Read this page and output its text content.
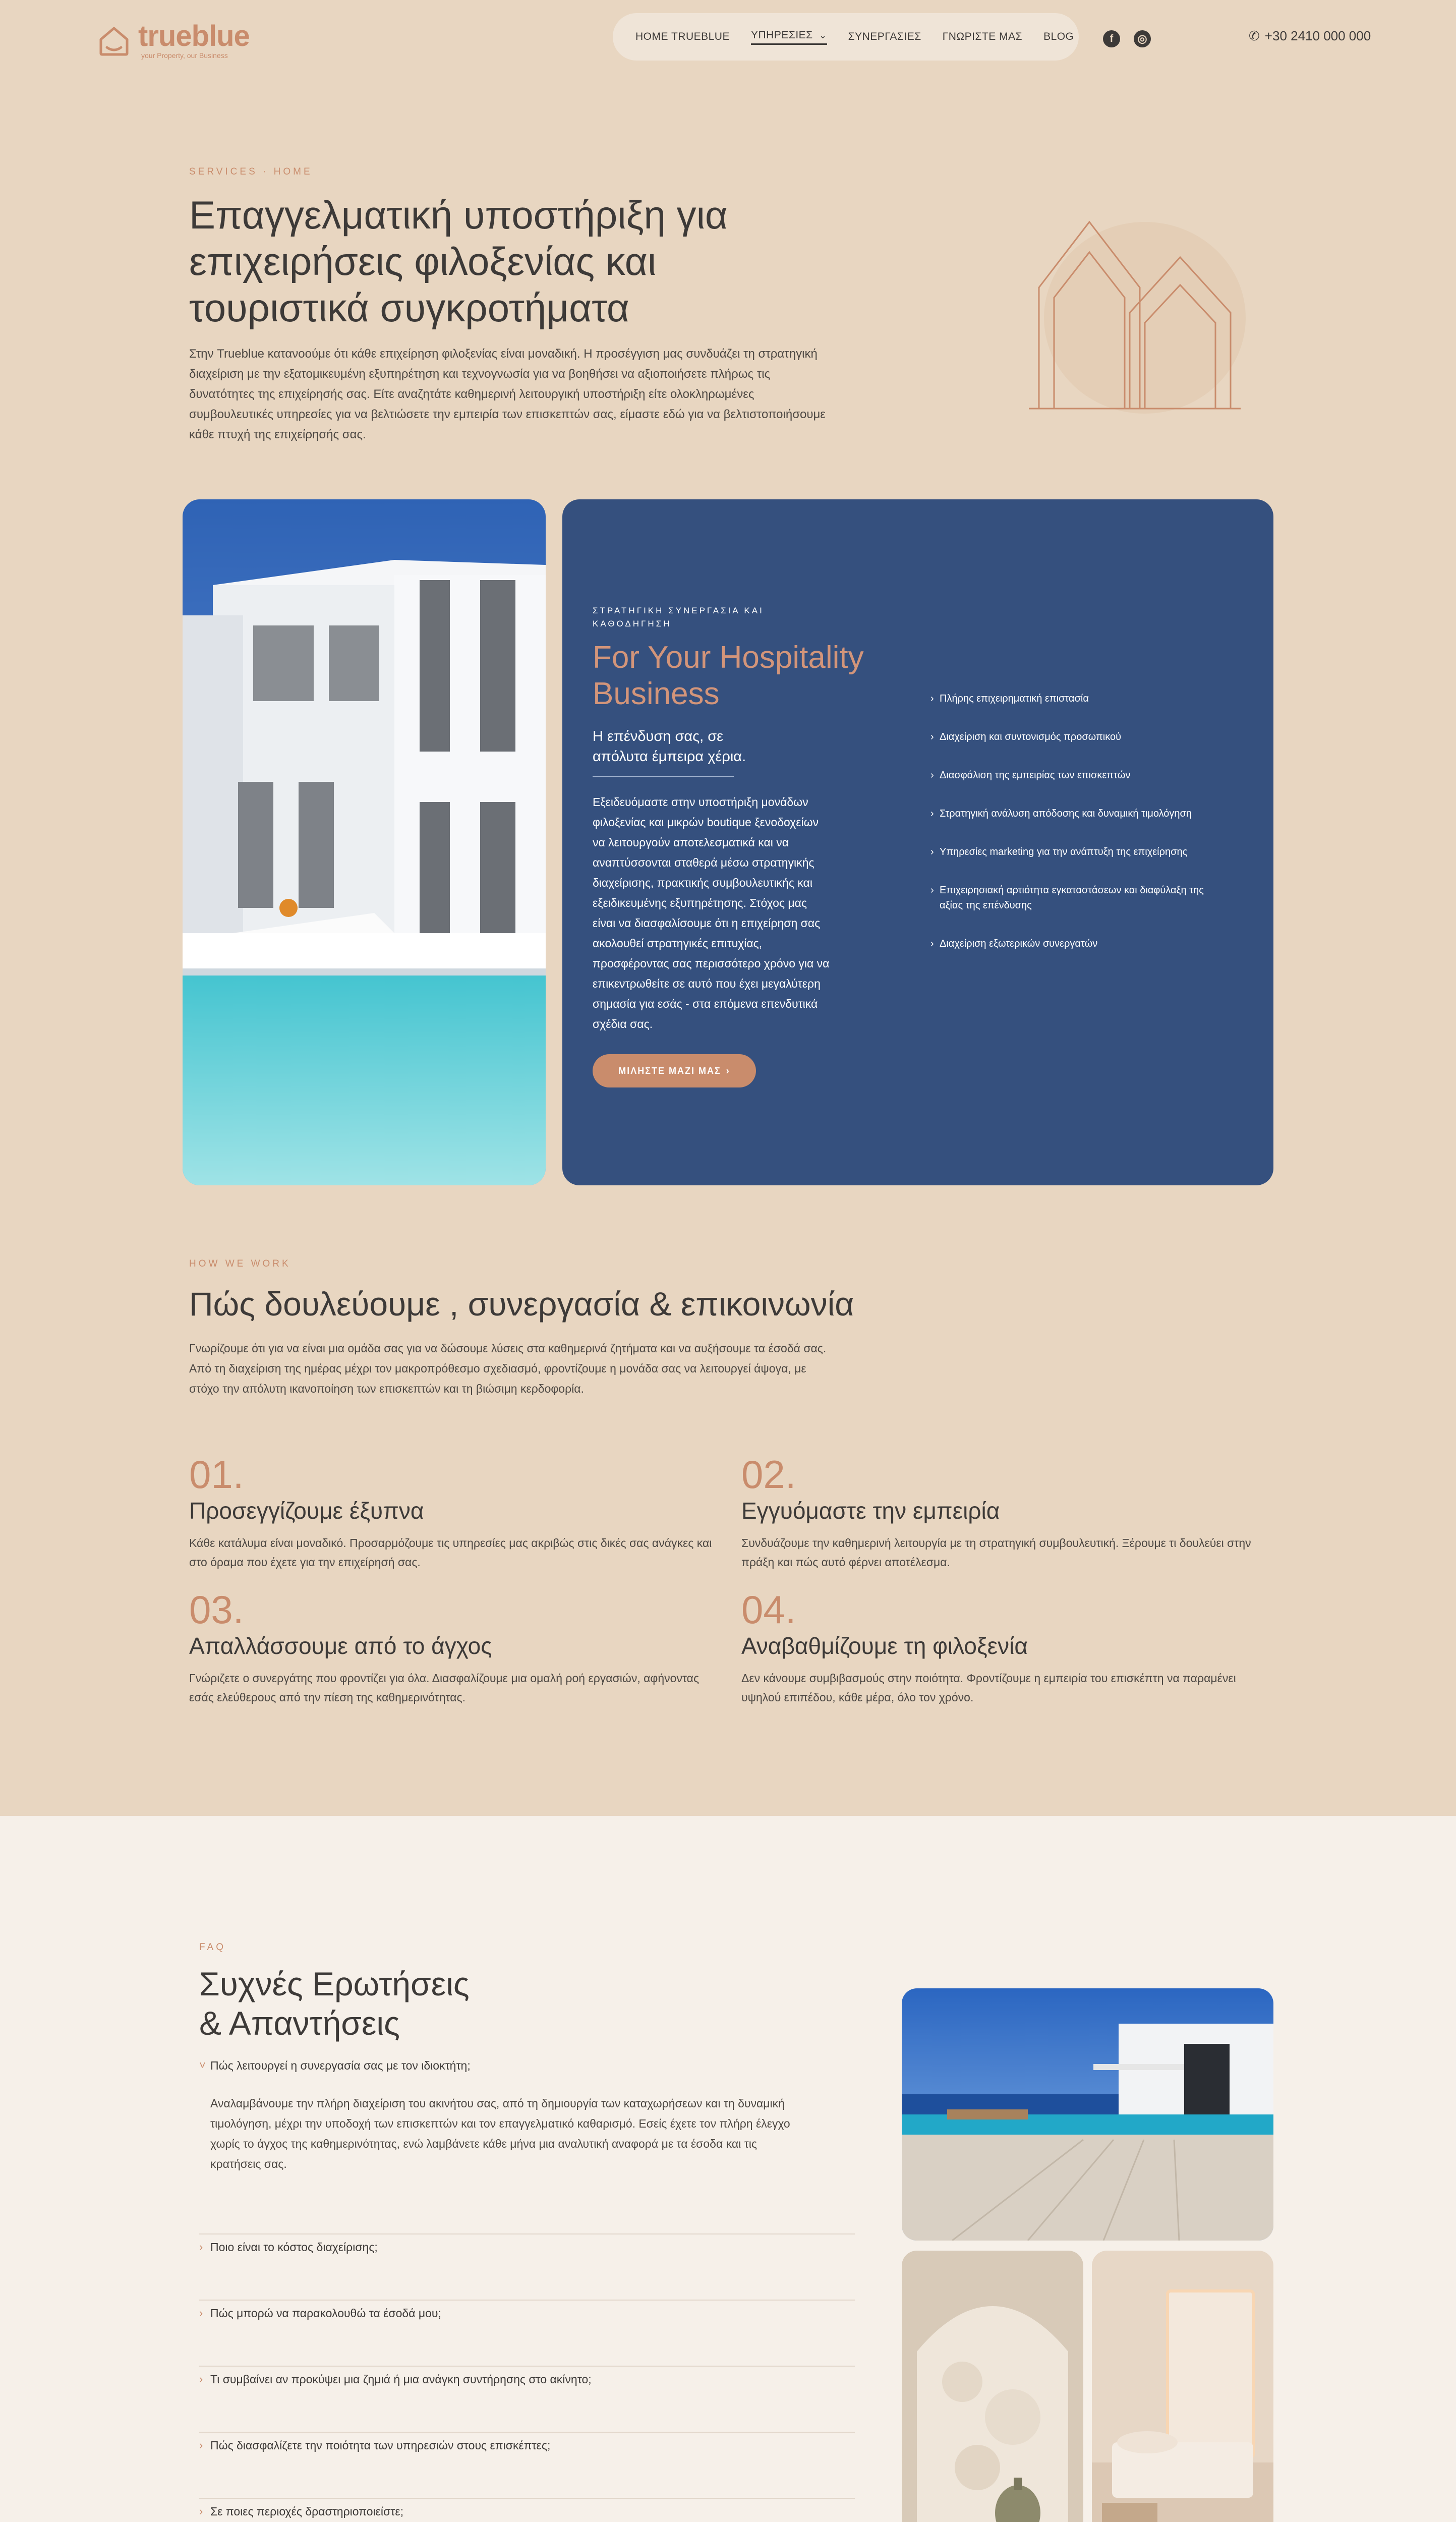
trueblue
your Property, our Business
HOME TRUEBLUE ΥΠΗΡΕΣΙΕΣ ⌄ ΣΥΝΕΡΓΑΣΙΕΣ ΓΝΩΡΙΣΤΕ ΜΑΣ BLOG	f	◎	✆ +30 2410 000 000
SERVICES · HOME
Επαγγελματική υποστήριξη για επιχειρήσεις φιλοξενίας και τουριστικά συγκροτήματα

Στην Trueblue κατανοούμε ότι κάθε επιχείρηση φιλοξενίας είναι μοναδική. Η προσέγγιση μας συνδυάζει τη στρατηγική διαχείριση με την εξατομικευμένη εξυπηρέτηση και τεχνογνωσία για να βοηθήσει να αξιοποιήσετε πλήρως τις δυνατότητες της επιχείρησής σας. Είτε αναζητάτε καθημερινή λειτουργική υποστήριξη είτε ολοκληρωμένες συμβουλευτικές υπηρεσίες για να βελτιώσετε την εμπειρία των επισκεπτών σας, είμαστε εδώ για να βελτιστοποιήσουμε κάθε πτυχή της επιχείρησής σας.

ΣΤΡΑΤΗΓΙΚΗ ΣΥΝΕΡΓΑΣΙΑ ΚΑΙ ΚΑΘΟΔΗΓΗΣΗ
For Your Hospitality Business

Η επένδυση σας, σε απόλυτα έμπειρα χέρια.

Εξειδευόμαστε στην υποστήριξη μονάδων φιλοξενίας και μικρών boutique ξενοδοχείων να λειτουργούν αποτελεσματικά και να αναπτύσσονται σταθερά μέσω στρατηγικής διαχείρισης, πρακτικής συμβουλευτικής και εξειδικευμένης εξυπηρέτησης. Στόχος μας είναι να διασφαλίσουμε ότι η επιχείρηση σας ακολουθεί στρατηγικές επιτυχίας, προσφέροντας σας περισσότερο χρόνο για να επικεντρωθείτε σε αυτό που έχει μεγαλύτερη σημασία για εσάς - στα επόμενα επενδυτικά σχέδια σας.

ΜΙΛΗΣΤΕ ΜΑΖΙ ΜΑΣ ›
› Πλήρης επιχειρηματική επιστασία
› Διαχείριση και συντονισμός προσωπικού
› Διασφάλιση της εμπειρίας των επισκεπτών
› Στρατηγική ανάλυση απόδοσης και δυναμική τιμολόγηση
› Υπηρεσίες marketing για την ανάπτυξη της επιχείρησης
› Επιχειρησιακή αρτιότητα εγκαταστάσεων και διαφύλαξη της αξίας της επένδυσης
› Διαχείριση εξωτερικών συνεργατών
HOW WE WORK
Πώς δουλεύουμε , συνεργασία & επικοινωνία

Γνωρίζουμε ότι για να είναι μια ομάδα σας για να δώσουμε λύσεις στα καθημερινά ζητήματα και να αυξήσουμε τα έσοδά σας. Από τη διαχείριση της ημέρας μέχρι τον μακροπρόθεσμο σχεδιασμό, φροντίζουμε η μονάδα σας να λειτουργεί άψογα, με στόχο την απόλυτη ικανοποίηση των επισκεπτών και τη βιώσιμη κερδοφορία.

01.
Προσεγγίζουμε έξυπνα

Κάθε κατάλυμα είναι μοναδικό. Προσαρμόζουμε τις υπηρεσίες μας ακριβώς στις δικές σας ανάγκες και στο όραμα που έχετε για την επιχείρησή σας.

02.
Εγγυόμαστε την εμπειρία

Συνδυάζουμε την καθημερινή λειτουργία με τη στρατηγική συμβουλευτική. Ξέρουμε τι δουλεύει στην πράξη και πώς αυτό φέρνει αποτέλεσμα.

03.
Απαλλάσσουμε από το άγχος

Γνώριζετε ο συνεργάτης που φροντίζει για όλα. Διασφαλίζουμε μια ομαλή ροή εργασιών, αφήνοντας εσάς ελεύθερους από την πίεση της καθημερινότητας.

04.
Αναβαθμίζουμε τη φιλοξενία

Δεν κάνουμε συμβιβασμούς στην ποιότητα. Φροντίζουμε η εμπειρία του επισκέπτη να παραμένει υψηλού επιπέδου, κάθε μέρα, όλο τον χρόνο.

FAQ
Συχνές Ερωτήσεις
& Απαντήσεις
˅ Πώς λειτουργεί η συνεργασία σας με τον ιδιοκτήτη;

Αναλαμβάνουμε την πλήρη διαχείριση του ακινήτου σας, από τη δημιουργία των καταχωρήσεων και τη δυναμική τιμολόγηση, μέχρι την υποδοχή των επισκεπτών και τον επαγγελματικό καθαρισμό. Εσείς έχετε τον πλήρη έλεγχο χωρίς το άγχος της καθημερινότητας, ενώ λαμβάνετε κάθε μήνα μια αναλυτική αναφορά με τα έσοδα και τις κρατήσεις σας.

› Ποιο είναι το κόστος διαχείρισης;
› Πώς μπορώ να παρακολουθώ τα έσοδά μου;
› Τι συμβαίνει αν προκύψει μια ζημιά ή μια ανάγκη συντήρησης στο ακίνητο;
› Πώς διασφαλίζετε την ποιότητα των υπηρεσιών στους επισκέπτες;
› Σε ποιες περιοχές δραστηριοποιείστε;
